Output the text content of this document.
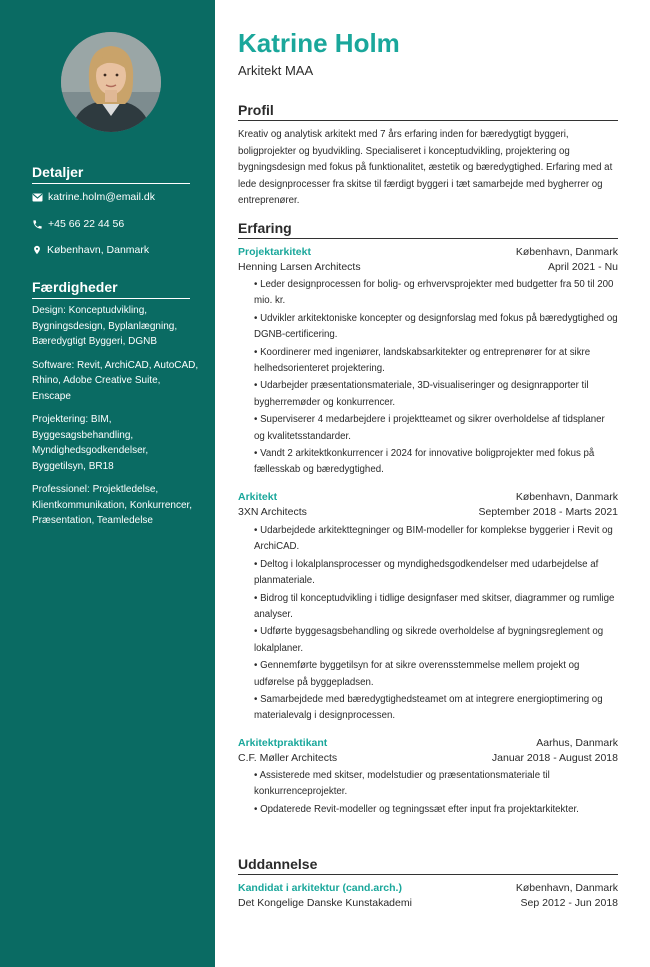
Detaljer
katrine.holm@email.dk
+45 66 22 44 56
København, Danmark
Færdigheder
Design: Konceptudvikling, Bygningsdesign, Byplanlægning, Bæredygtigt Byggeri, DGNB
Software: Revit, ArchiCAD, AutoCAD, Rhino, Adobe Creative Suite, Enscape
Projektering: BIM, Byggesagsbehandling, Myndighedsgodkendelser, Byggetilsyn, BR18
Professionel: Projektledelse, Klientkommunikation, Konkurrencer, Præsentation, Teamledelse
Katrine Holm
Arkitekt MAA
Profil
Kreativ og analytisk arkitekt med 7 års erfaring inden for bæredygtigt byggeri, boligprojekter og byudvikling. Specialiseret i konceptudvikling, projektering og bygningsdesign med fokus på funktionalitet, æstetik og bæredygtighed. Erfaring med at lede designprocesser fra skitse til færdigt byggeri i tæt samarbejde med bygherrer og entreprenører.
Erfaring
Projektarkitekt	København, Danmark
Henning Larsen Architects	April 2021 - Nu
• Leder designprocessen for bolig- og erhvervsprojekter med budgetter fra 50 til 200 mio. kr.
• Udvikler arkitektoniske koncepter og designforslag med fokus på bæredygtighed og DGNB-certificering.
• Koordinerer med ingeniører, landskabsarkitekter og entreprenører for at sikre helhedsorienteret projektering.
• Udarbejder præsentationsmateriale, 3D-visualiseringer og designrapporter til bygherremøder og konkurrencer.
• Superviserer 4 medarbejdere i projektteamet og sikrer overholdelse af tidsplaner og kvalitetsstandarder.
• Vandt 2 arkitektkonkurrencer i 2024 for innovative boligprojekter med fokus på fællesskab og bæredygtighed.
Arkitekt	København, Danmark
3XN Architects	September 2018 - Marts 2021
• Udarbejdede arkitekttegninger og BIM-modeller for komplekse byggerier i Revit og ArchiCAD.
• Deltog i lokalplansprocesser og myndighedsgodkendelser med udarbejdelse af planmateriale.
• Bidrog til konceptudvikling i tidlige designfaser med skitser, diagrammer og rumlige analyser.
• Udførte byggesagsbehandling og sikrede overholdelse af bygningsreglement og lokalplaner.
• Gennemførte byggetilsyn for at sikre overensstemmelse mellem projekt og udførelse på byggepladsen.
• Samarbejdede med bæredygtighedsteamet om at integrere energioptimering og materialevalg i designprocessen.
Arkitektpraktikant	Aarhus, Danmark
C.F. Møller Architects	Januar 2018 - August 2018
• Assisterede med skitser, modelstudier og præsentationsmateriale til konkurrenceprojekter.
• Opdaterede Revit-modeller og tegningssæt efter input fra projektarkitekter.
Uddannelse
Kandidat i arkitektur (cand.arch.)	København, Danmark
Det Kongelige Danske Kunstakademi	Sep 2012 - Jun 2018
